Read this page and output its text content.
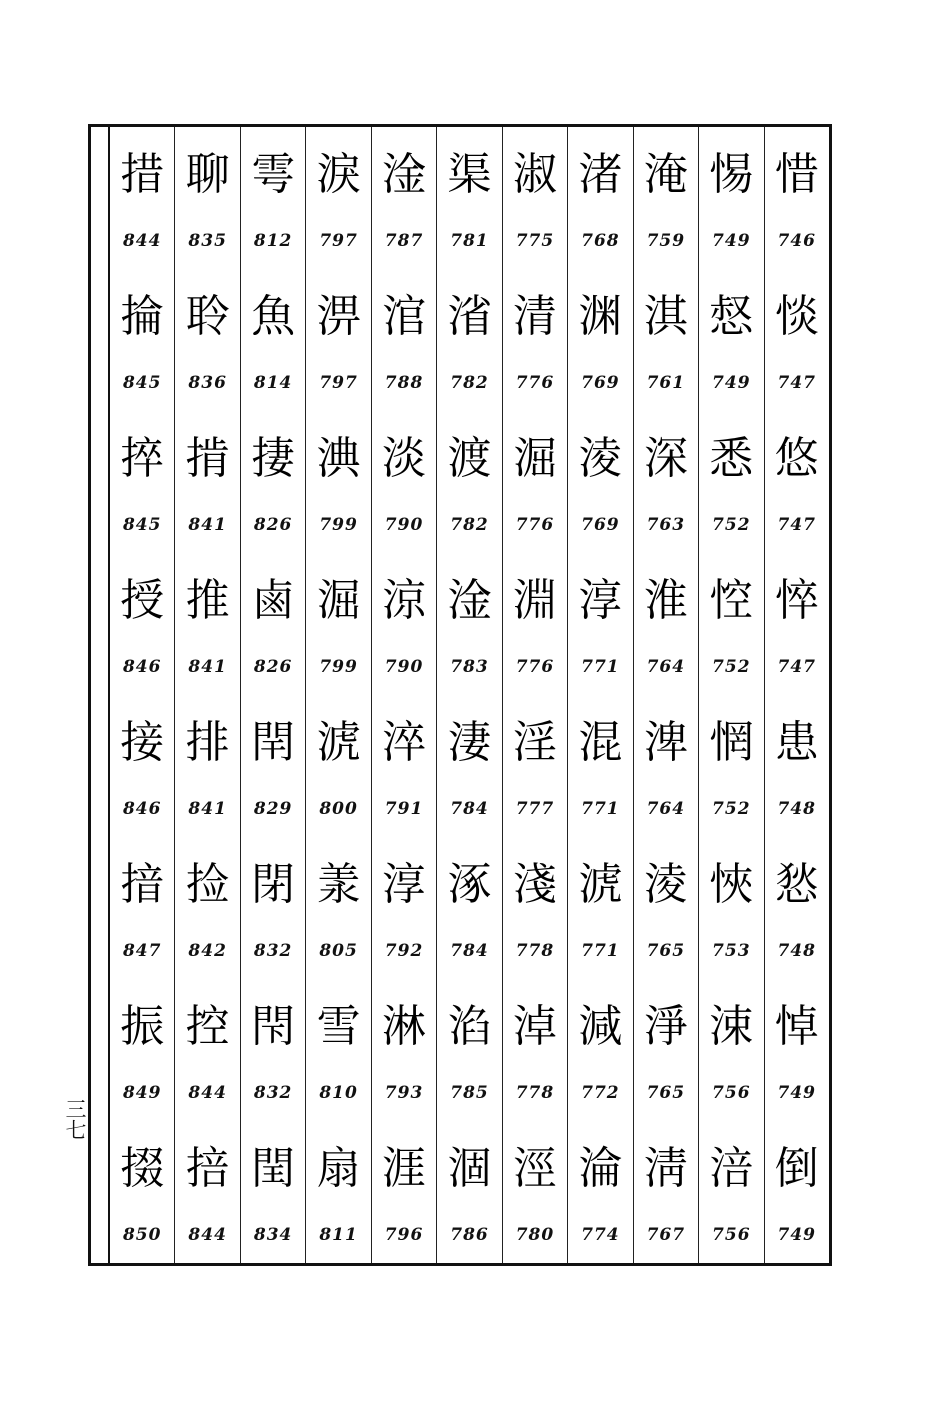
三七
措
844
掄
845
捽
845
授
846
接
846
揞
847
振
849
掇
850
聊
835
聆
836
掯
841
推
841
排
841
捡
842
控
844
掊
844
雩
812
魚
814
捿
826
鹵
826
閈
829
閉
832
閇
832
閏
834
淚
797
淠
797
淟
799
淈
799
淲
800
羕
805
雪
810
扇
811
淦
787
涫
788
淡
790
涼
790
淬
791
淳
792
淋
793
涯
796
渠
781
渻
782
渡
782
淦
783
淒
784
涿
784
淊
785
涸
786
淑
775
清
776
淈
776
淵
776
淫
777
淺
778
淖
778
涇
780
渚
768
渊
769
淩
769
淳
771
混
771
淲
771
減
772
淪
774
淹
759
淇
761
深
763
淮
764
渒
764
淩
765
淨
765
淸
767
惕
749
惄
749
悉
752
悾
752
惘
752
悏
753
涑
756
涪
756
惜
746
惔
747
悠
747
悴
747
患
748
悐
748
悼
749
倒
749
